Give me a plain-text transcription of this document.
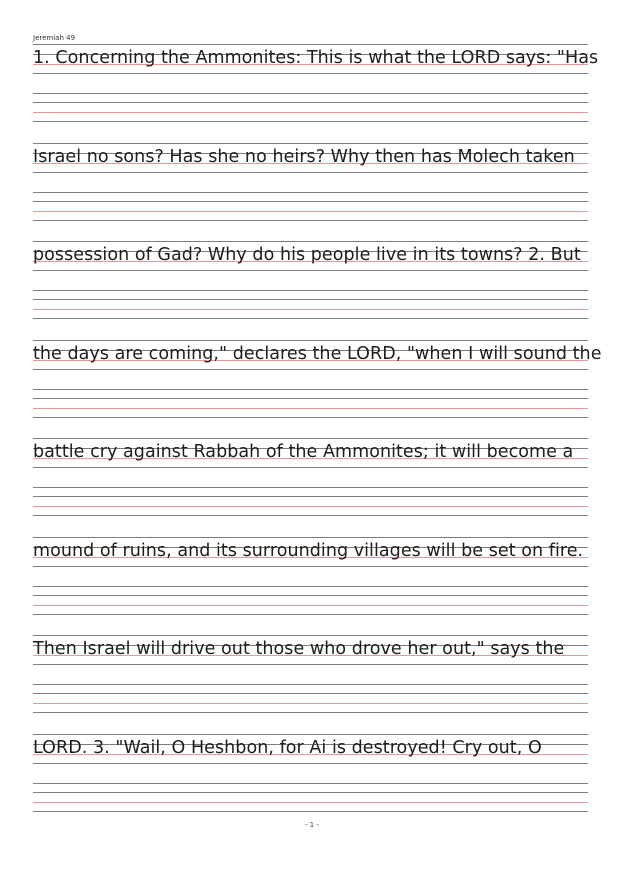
Jeremiah 49
1. Concerning the Ammonites: This is what the LORD says: "Has
Israel no sons? Has she no heirs? Why then has Molech taken
possession of Gad? Why do his people live in its towns? 2. But
the days are coming," declares the LORD, "when I will sound the
battle cry against Rabbah of the Ammonites; it will become a
mound of ruins, and its surrounding villages will be set on fire.
Then Israel will drive out those who drove her out," says the
LORD. 3. "Wail, O Heshbon, for Ai is destroyed! Cry out, O
- 1 -
